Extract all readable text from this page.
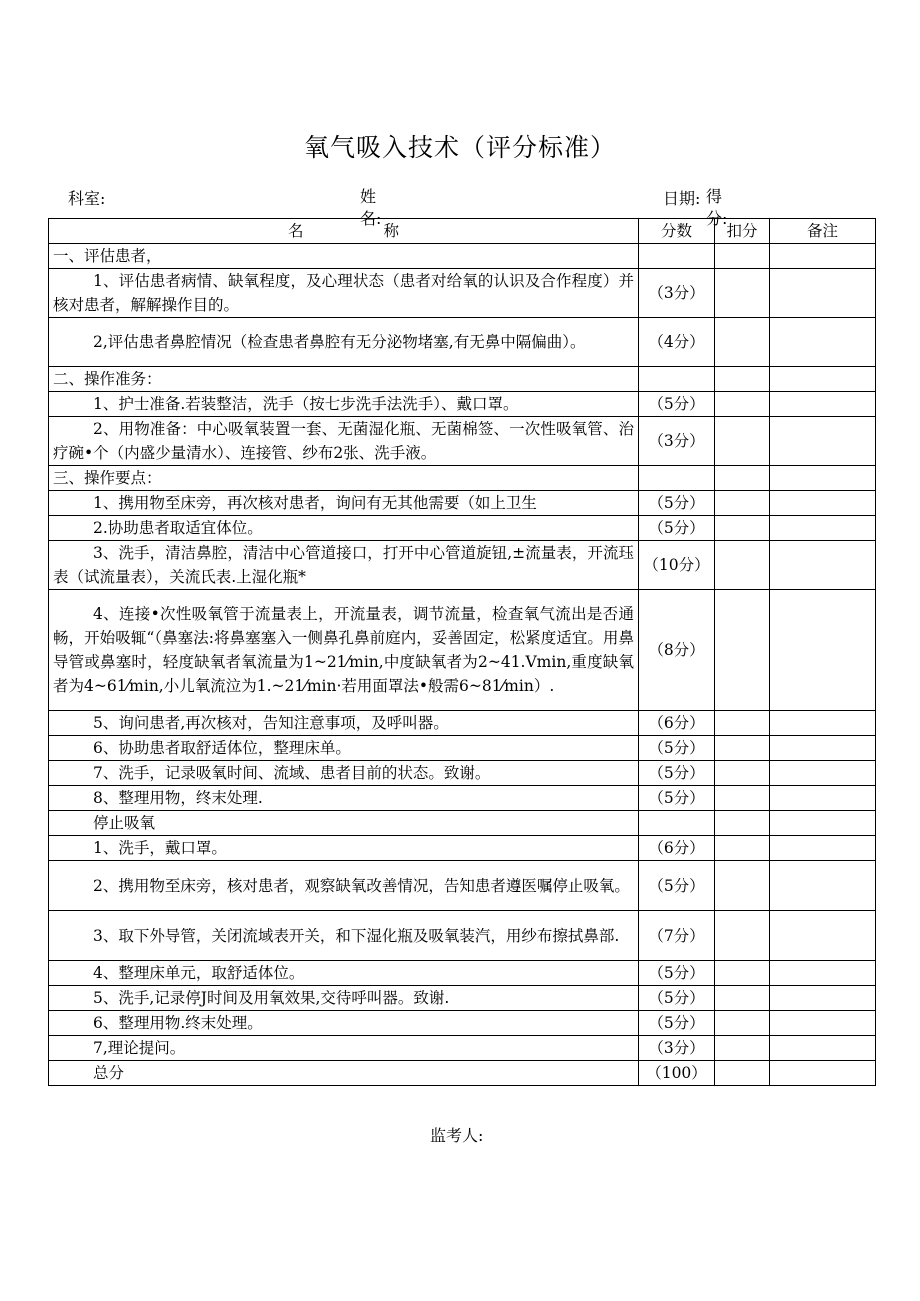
氧气吸入技术（评分标准）
科室:	姓名:
日期: 得分:
名 称	分数	扣分	备注
一、评估患者，			
1、评估患者病情、缺氧程度，及心理状态（患者对给氧的认识及合作程度）并核对患者，解解操作目的。	（3分）		
2,评估患者鼻腔情况（检查患者鼻腔有无分泌物堵塞,有无鼻中隔偏曲）。	（4分）		
二、操作准务：			
1、护士准备.若装整洁，洗手（按七步洗手法洗手）、戴口罩。	（5分）		
2、用物准备：中心吸氧装置一套、无菌湿化瓶、无菌棉签、一次性吸氧管、治疗碗•个（内盛少量清水）、连接管、纱布2张、洗手液。	（3分）		
三、操作要点：			
1、携用物至床旁，再次核对患者，询问有无其他需要（如上卫生	（5分）		
2.协助患者取适宜体位。	（5分）		
3、洗手，清洁鼻腔，清洁中心管道接口，打开中心管道旋钮,±流量表，开流珏表（试流量表），关流氏表.上湿化瓶*	（10分）		
4、连接•次性吸氧管于流量表上，开流量表，调节流量，检查氧气流出是否通畅，开始吸辄“（鼻塞法:将鼻塞塞入一侧鼻孔鼻前庭内，妥善固定，松紧度适宜。用鼻导管或鼻塞时，轻度缺氧者氧流量为1~21⁄min,中度缺氧者为2~41.Vmin,重度缺氧者为4~61⁄min,小儿氧流泣为1.~21⁄min·若用面罩法•般需6~81⁄min）.	（8分）		
5、询问患者,再次核对，告知注意事项，及呼叫器。	（6分）		
6、协助患者取舒适体位，整理床单。	（5分）		
7、洗手，记录吸氧时间、流域、患者目前的状态。致谢。	（5分）		
8、整理用物，终末处理.	（5分）		
停止吸氧			
1、洗手，戴口罩。	（6分）		
2、携用物至床旁，核对患者，观察缺氧改善情况，告知患者遵医嘱停止吸氧。	（5分）		
3、取下外导管，关闭流域表开关，和下湿化瓶及吸氧装汽，用纱布擦拭鼻部.	（7分）		
4、整理床单元，取舒适体位。	（5分）		
5、洗手,记录停J时间及用氧效果,交待呼叫器。致谢.	（5分）		
6、整理用物.终末处理。	（5分）		
7,理论提问。	（3分）		
总分	（100）		
监考人:
